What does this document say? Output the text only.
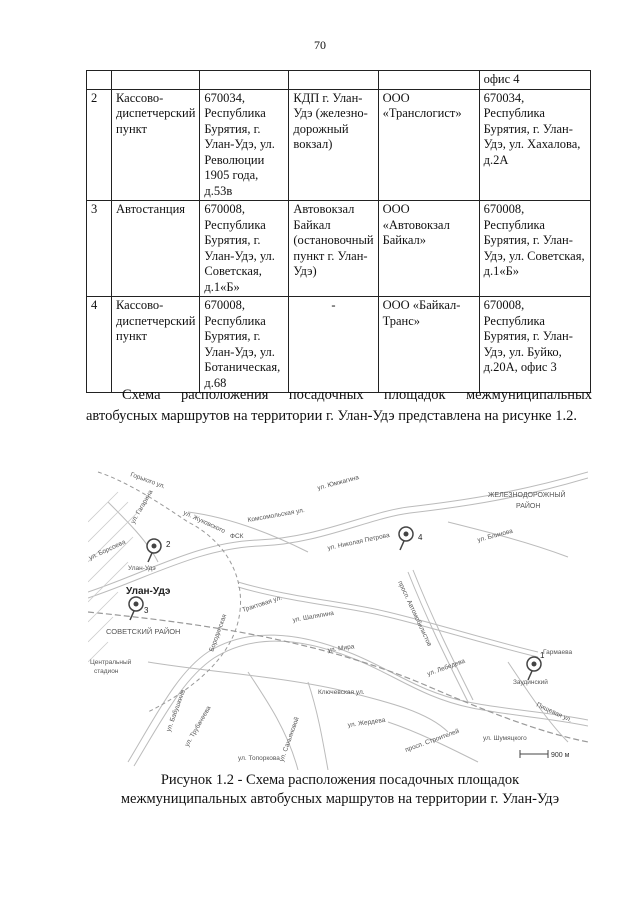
70
					офис 4
2	Кассово-диспетчерский пункт	670034, Республика Бурятия, г. Улан-Удэ, ул. Революции 1905 года, д.53в	КДП г. Улан-Удэ (железно-дорожный вокзал)	ООО «Транслогист»	670034, Республика Бурятия, г. Улан-Удэ, ул. Хахалова, д.2А
3	Автостанция	670008, Республика Бурятия, г. Улан-Удэ, ул. Советская, д.1«Б»	Автовокзал Байкал (остановочный пункт г. Улан-Удэ)	ООО «Автовокзал Байкал»	670008, Республика Бурятия, г. Улан-Удэ, ул. Советская, д.1«Б»
4	Кассово-диспетчерский пункт	670008, Республика Бурятия, г. Улан-Удэ, ул. Ботаническая, д.68	-	ООО «Байкал-Транс»	670008, Республика Бурятия, г. Улан-Удэ, ул. Буйко, д.20А, офис 3
Схема расположения посадочных площадок межмуниципальных автобусных маршрутов на территории г. Улан-Удэ представлена на рисунке 1.2.
2
3
4
1
ЖЕЛЕЗНОДОРОЖНЫЙ
РАЙОН
СОВЕТСКИЙ РАЙОН
Улан-Удэ
Центральный
стадион
ФСК
Улан-Удэ
Горького ул.	ул. Юмжагина
ул. Жуковского	Комсомольская ул.
ул. Гагарина
ул. Борсоева	ул. Николая Петрова	ул. Блинова
Трактовая ул.
ул. Шаляпина	просп. Автомобилистов
ул. Мира
Бородинская
Ключевская ул.
ул. Лебедева
Гармаева
Заудинский
ул. Трубачеева
ул. Бабушкина
ул. Сахьяновой	ул. Жердева
просп. Строителей
ул. Топоркова
ул. Шумяцкого
Пищевая ул.
900 м
Рисунок 1.2 - Схема расположения посадочных площадок
межмуниципальных автобусных маршрутов на территории г. Улан-Удэ
